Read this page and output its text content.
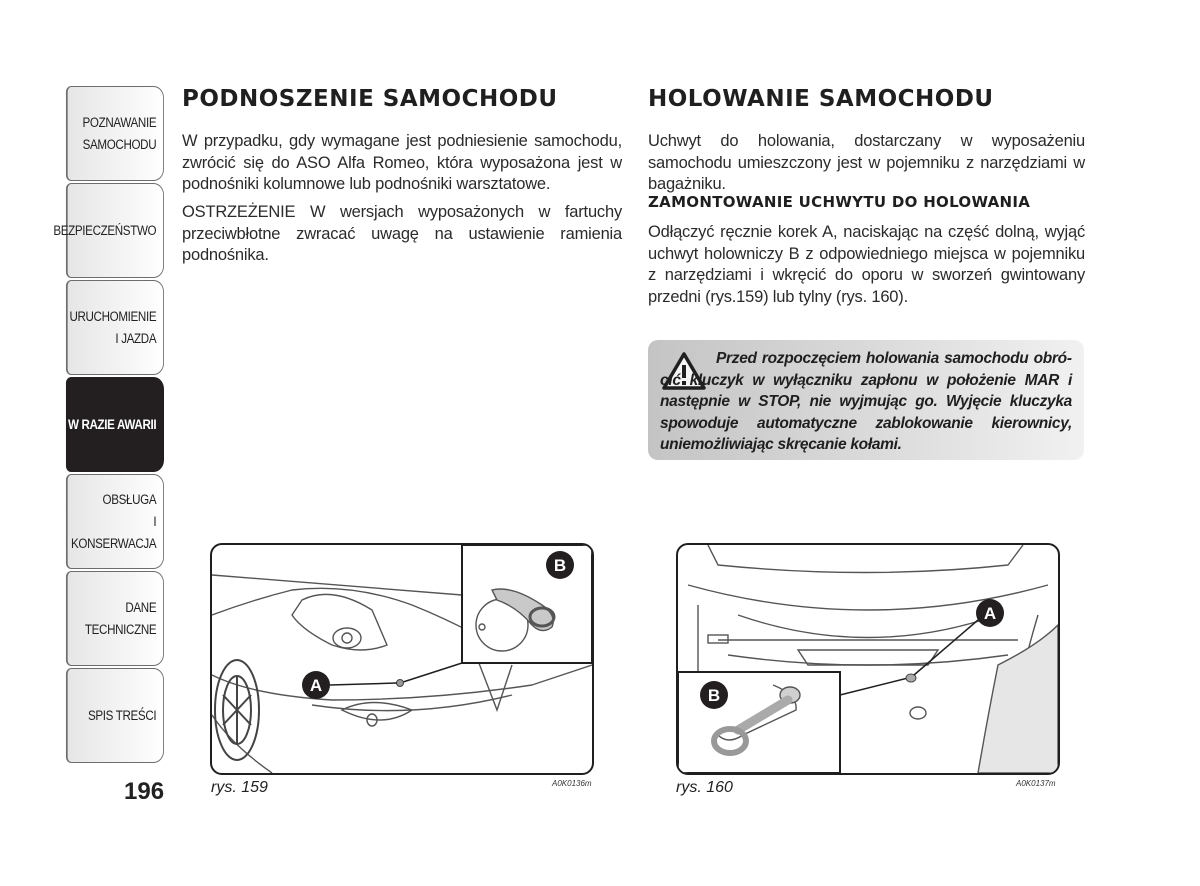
POZNAWANIE
SAMOCHODU
BEZPIECZEŃSTWO
URUCHOMIENIE
I JAZDA
W RAZIE AWARII
OBSŁUGA
I KONSERWACJA
DANE
TECHNICZNE
SPIS TREŚCI
196
PODNOSZENIE SAMOCHODU

W przypadku, gdy wymagane jest podniesienie samochodu, zwrócić się do ASO Alfa Romeo, która wyposażona jest w podnośniki kolumnowe lub podnośniki warsztatowe.

OSTRZEŻENIE W wersjach wyposażonych w fartuchy przeciwbłotne zwracać uwagę na ustawienie ramienia podnośnika.

HOLOWANIE SAMOCHODU

Uchwyt do holowania, dostarczany w wyposażeniu samochodu umieszczony jest w pojemniku z narzędziami w bagażniku.

ZAMONTOWANIE UCHWYTU DO HOLOWANIA

Odłączyć ręcznie korek A, naciskając na część dolną, wyjąć uchwyt holowniczy B z odpowiedniego miejsca w pojemniku z narzędziami i wkręcić do oporu w sworzeń gwintowany przedni (rys.159) lub tylny (rys. 160).

Przed rozpoczęciem holowania samochodu obrócić kluczyk w wyłączniku zapłonu w położenie MAR i następnie w STOP, nie wyjmując go. Wyjęcie kluczyka spowoduje automatyczne zablokowanie kierownicy, uniemożliwiając skręcanie kołami.

A
B
rys. 159	A0K0136m
A
B
rys. 160	A0K0137m
